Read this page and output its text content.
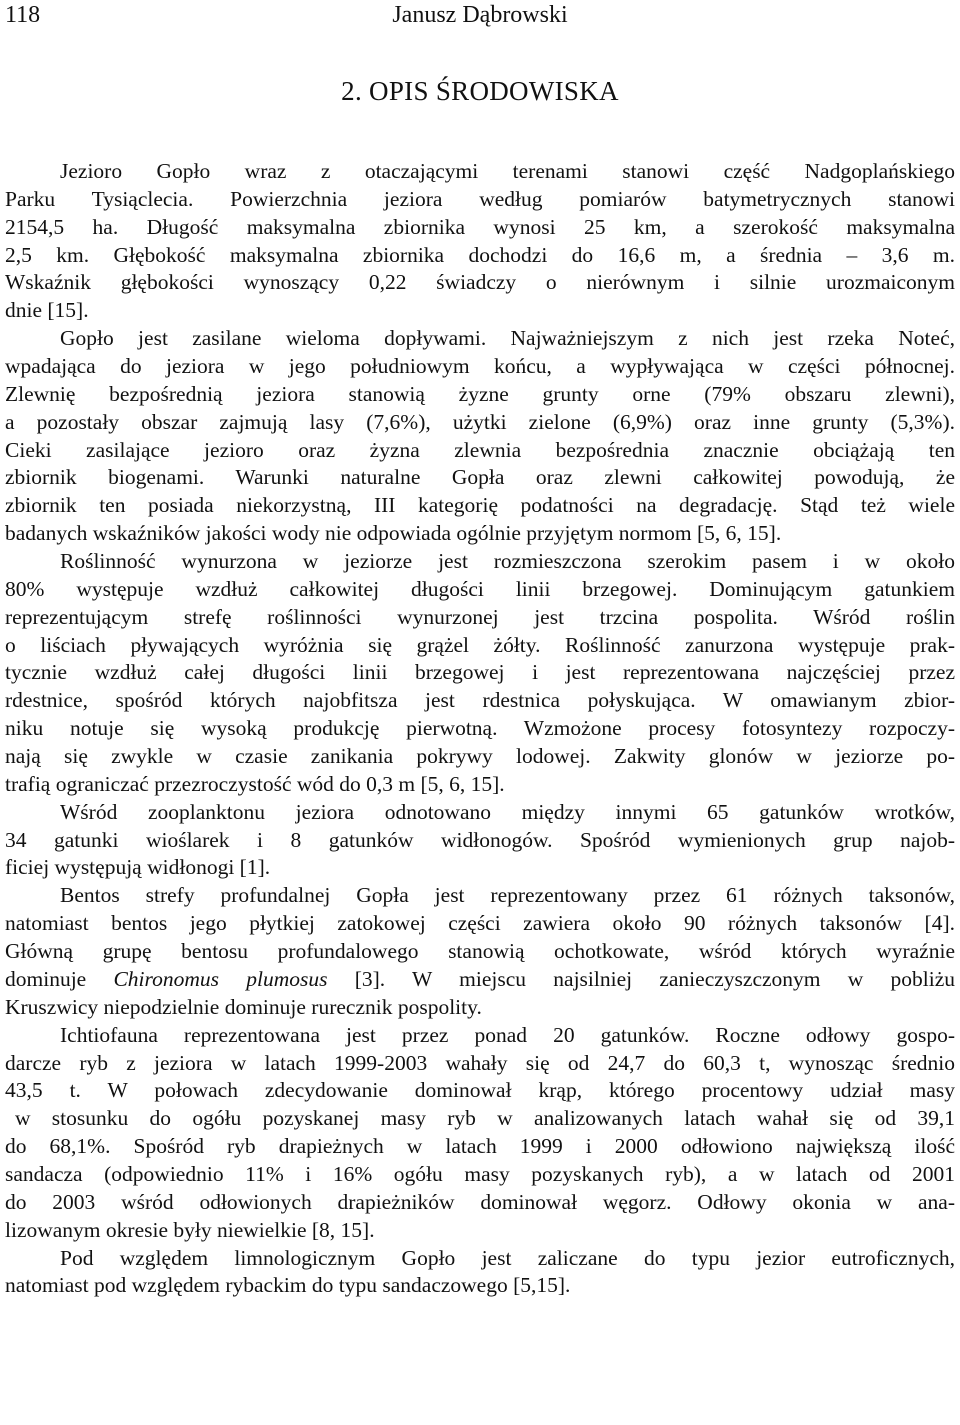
118	Janusz Dąbrowski
2. OPIS ŚRODOWISKA
Jezioro Gopło wraz z otaczającymi terenami stanowi część Nadgoplańskiego
Parku Tysiąclecia. Powierzchnia jeziora według pomiarów batymetrycznych stanowi
2154,5 ha. Długość maksymalna zbiornika wynosi 25 km, a szerokość maksymalna
2,5 km. Głębokość maksymalna zbiornika dochodzi do 16,6 m, a średnia – 3,6 m.
Wskaźnik głębokości wynoszący 0,22 świadczy o nierównym i silnie urozmaiconym
dnie [15].
Gopło jest zasilane wieloma dopływami. Najważniejszym z nich jest rzeka Noteć,
wpadająca do jeziora w jego południowym końcu, a wypływająca w części północnej.
Zlewnię bezpośrednią jeziora stanowią żyzne grunty orne (79% obszaru zlewni),
a pozostały obszar zajmują lasy (7,6%), użytki zielone (6,9%) oraz inne grunty (5,3%).
Cieki zasilające jezioro oraz żyzna zlewnia bezpośrednia znacznie obciążają ten
zbiornik biogenami. Warunki naturalne Gopła oraz zlewni całkowitej powodują, że
zbiornik ten posiada niekorzystną, III kategorię podatności na degradację. Stąd też wiele
badanych wskaźników jakości wody nie odpowiada ogólnie przyjętym normom [5, 6, 15].
Roślinność wynurzona w jeziorze jest rozmieszczona szerokim pasem i w około
80% występuje wzdłuż całkowitej długości linii brzegowej. Dominującym gatunkiem
reprezentującym strefę roślinności wynurzonej jest trzcina pospolita. Wśród roślin
o liściach pływających wyróżnia się grążel żółty. Roślinność zanurzona występuje prak-
tycznie wzdłuż całej długości linii brzegowej i jest reprezentowana najczęściej przez
rdestnice, spośród których najobfitsza jest rdestnica połyskująca. W omawianym zbior-
niku notuje się wysoką produkcję pierwotną. Wzmożone procesy fotosyntezy rozpoczy-
nają się zwykle w czasie zanikania pokrywy lodowej. Zakwity glonów w jeziorze po-
trafią ograniczać przezroczystość wód do 0,3 m [5, 6, 15].
Wśród zooplanktonu jeziora odnotowano między innymi 65 gatunków wrotków,
34 gatunki wioślarek i 8 gatunków widłonogów. Spośród wymienionych grup najob-
ficiej występują widłonogi [1].
Bentos strefy profundalnej Gopła jest reprezentowany przez 61 różnych taksonów,
natomiast bentos jego płytkiej zatokowej części zawiera około 90 różnych taksonów [4].
Główną grupę bentosu profundalowego stanowią ochotkowate, wśród których wyraźnie
dominuje Chironomus plumosus [3]. W miejscu najsilniej zanieczyszczonym w pobliżu
Kruszwicy niepodzielnie dominuje rurecznik pospolity.
Ichtiofauna reprezentowana jest przez ponad 20 gatunków. Roczne odłowy gospo-
darcze ryb z jeziora w latach 1999-2003 wahały się od 24,7 do 60,3 t, wynosząc średnio
43,5 t. W połowach zdecydowanie dominował krąp, którego procentowy udział masy
w stosunku do ogółu pozyskanej masy ryb w analizowanych latach wahał się od 39,1
do 68,1%. Spośród ryb drapieżnych w latach 1999 i 2000 odłowiono największą ilość
sandacza (odpowiednio 11% i 16% ogółu masy pozyskanych ryb), a w latach od 2001
do 2003 wśród odłowionych drapieżników dominował węgorz. Odłowy okonia w ana-
lizowanym okresie były niewielkie [8, 15].
Pod względem limnologicznym Gopło jest zaliczane do typu jezior eutroficznych,
natomiast pod względem rybackim do typu sandaczowego [5,15].
